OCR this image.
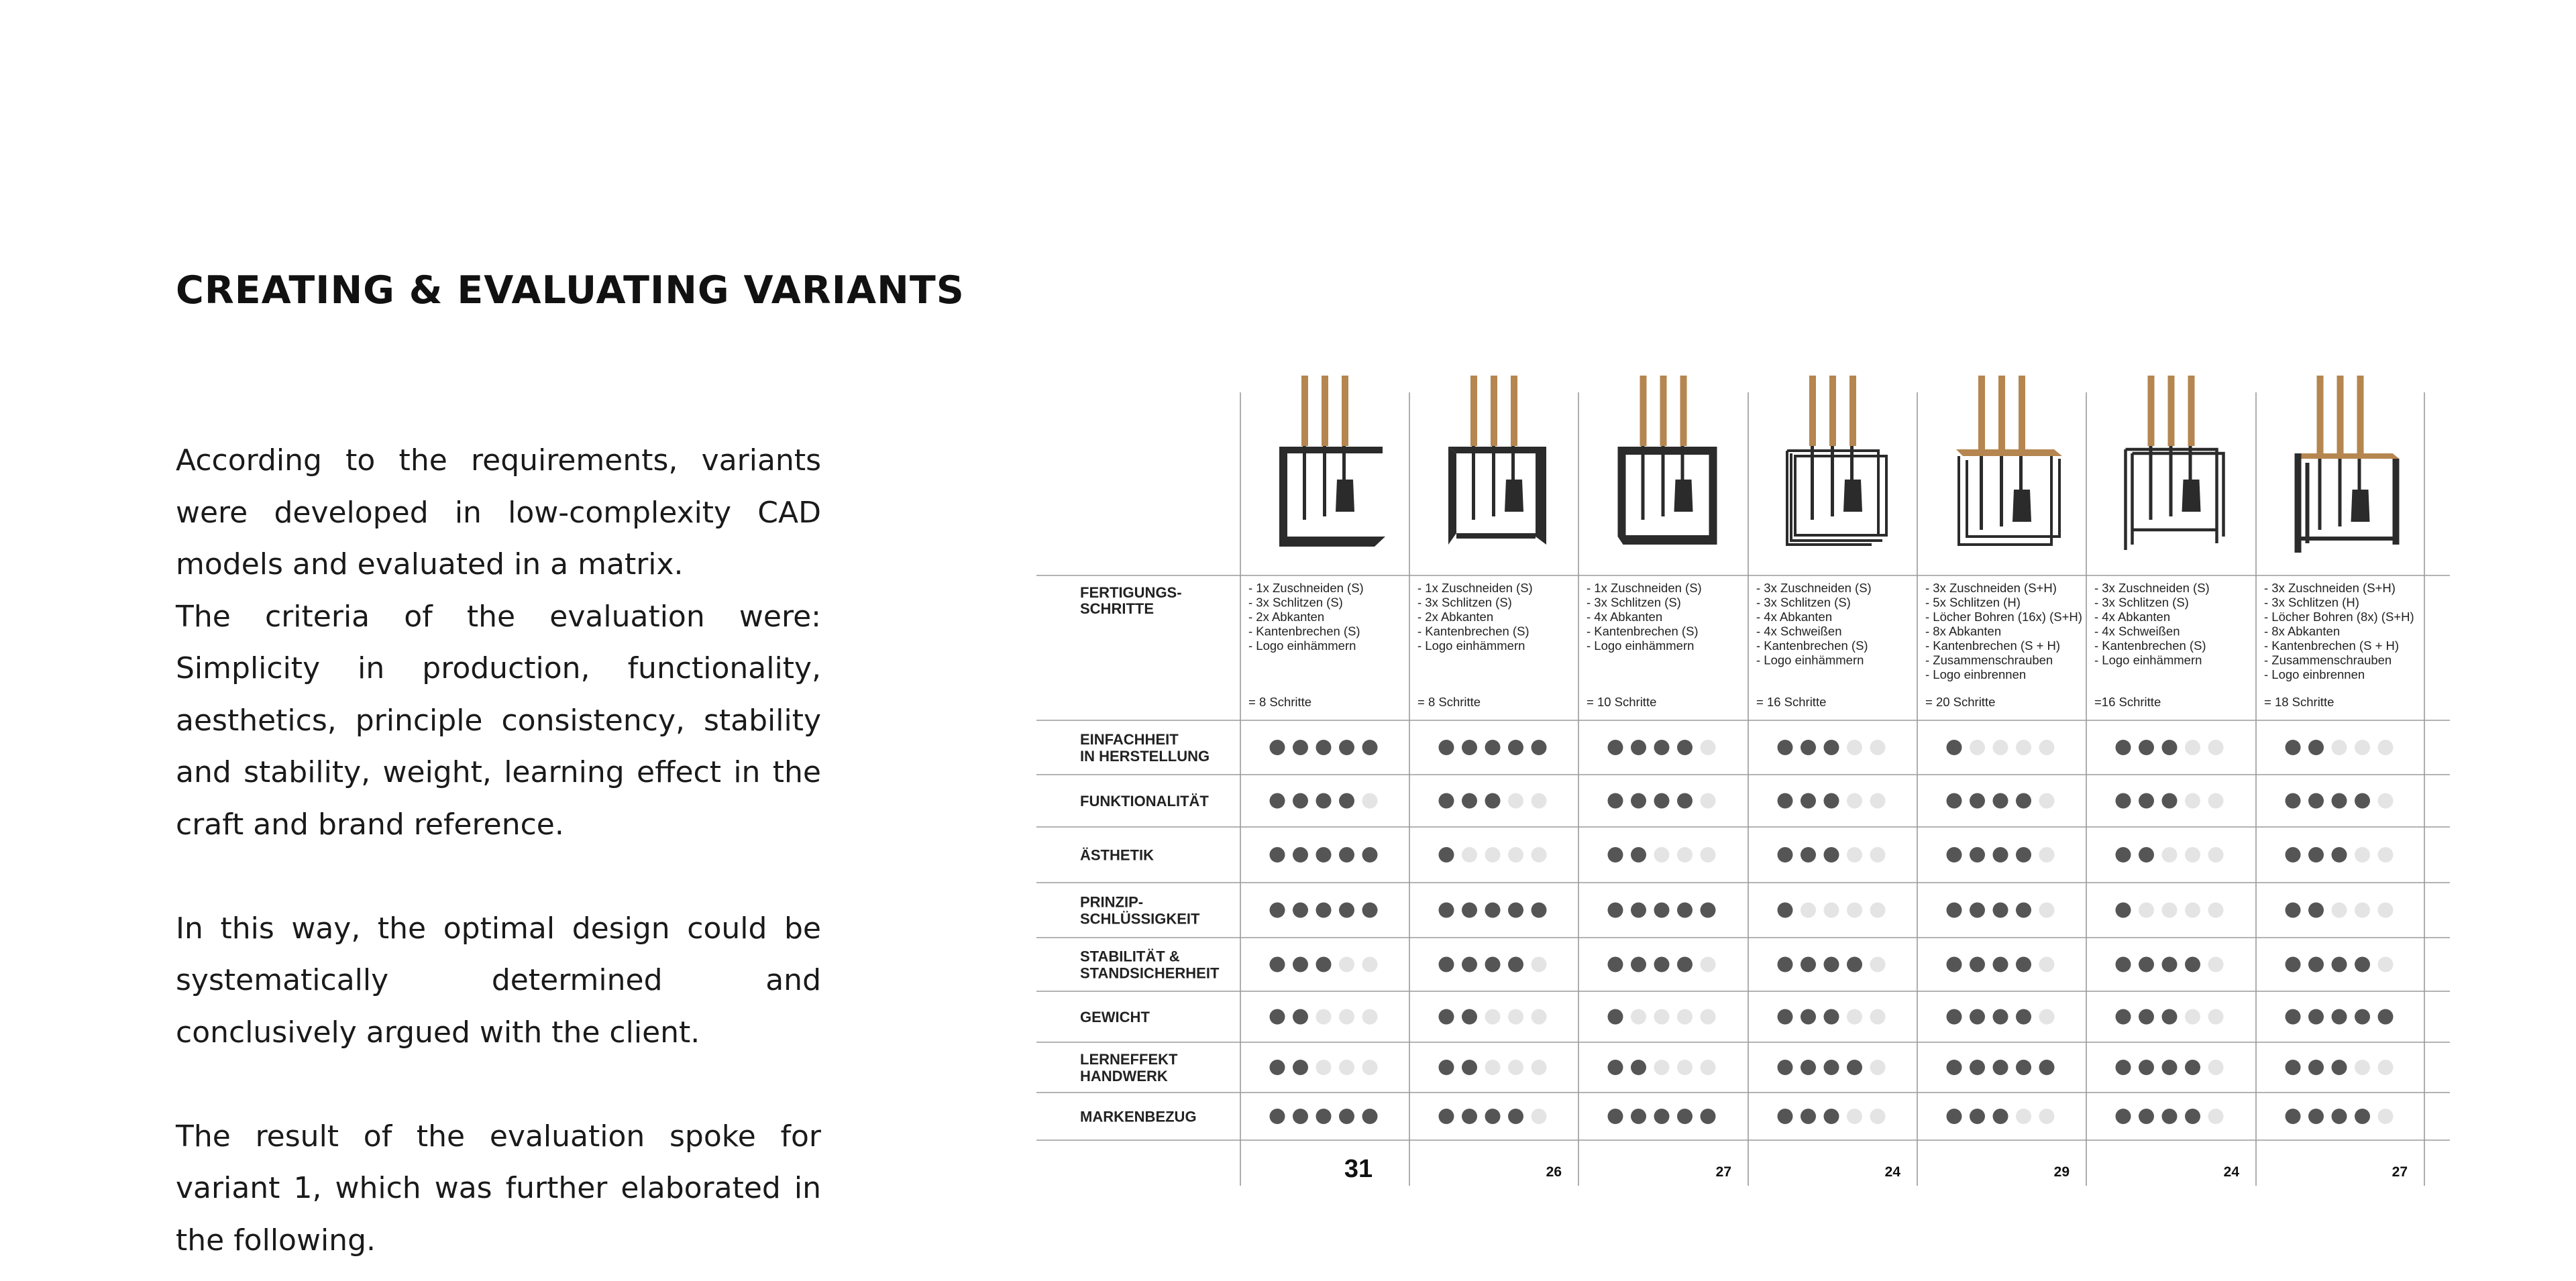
CREATING & EVALUATING VARIANTS

According to the requirements, variants were developed in low-complexity CAD models and evaluated in a matrix.

The criteria of the evaluation were: Simplicity in production, functionality, aesthetics, principle consistency, stability and stability, weight, learning effect in the craft and brand reference.

In this way, the optimal design could be systematically determined and conclusively argued with the client.

The result of the evaluation spoke for variant 1, which was further elaborated in the following.

FERTIGUNGS-
SCHRITTE
EINFACHHEIT
IN HERSTELLUNG
FUNKTIONALITÄT
ÄSTHETIK
PRINZIP-
SCHLÜSSIGKEIT
STABILITÄT &
STANDSICHERHEIT
GEWICHT
LERNEFFEKT
HANDWERK
MARKENBEZUG
- 1x Zuschneiden (S)
- 3x Schlitzen (S)
- 2x Abkanten
- Kantenbrechen (S)
- Logo einhämmern
= 8 Schritte
31
- 1x Zuschneiden (S)
- 3x Schlitzen (S)
- 2x Abkanten
- Kantenbrechen (S)
- Logo einhämmern
= 8 Schritte
26
- 1x Zuschneiden (S)
- 3x Schlitzen (S)
- 4x Abkanten
- Kantenbrechen (S)
- Logo einhämmern
= 10 Schritte
27
- 3x Zuschneiden (S)
- 3x Schlitzen (S)
- 4x Abkanten
- 4x Schweißen
- Kantenbrechen (S)
- Logo einhämmern
= 16 Schritte
24
- 3x Zuschneiden (S+H)
- 5x Schlitzen (H)
- Löcher Bohren (16x) (S+H)
- 8x Abkanten
- Kantenbrechen (S + H)
- Zusammenschrauben
- Logo einbrennen
= 20 Schritte
29
- 3x Zuschneiden (S)
- 3x Schlitzen (S)
- 4x Abkanten
- 4x Schweißen
- Kantenbrechen (S)
- Logo einhämmern
=16 Schritte
24
- 3x Zuschneiden (S+H)
- 3x Schlitzen (H)
- Löcher Bohren (8x) (S+H)
- 8x Abkanten
- Kantenbrechen (S + H)
- Zusammenschrauben
- Logo einbrennen
= 18 Schritte
27
